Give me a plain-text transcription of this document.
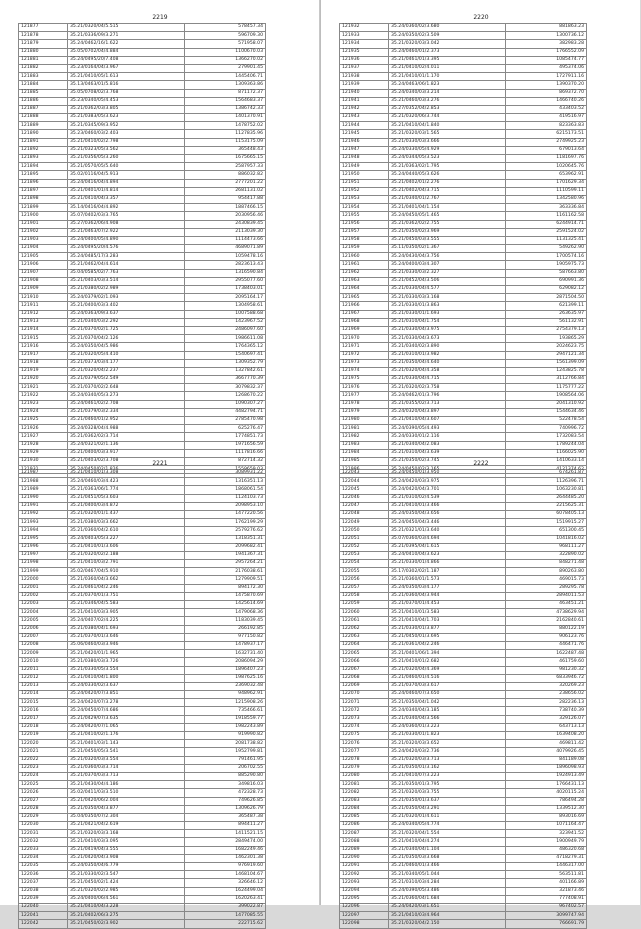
2219
121877	35.21/0320/04/5.515	578457.34
121878	35.21/0336/09/3.271	596709.30
121879	35.24/0462/16/1.622	571958.07
121880	35.05/0702/04/4.884	1100670.03
121881	35.24/0495/20/7.408	1366270.02
121882	35.23/0164/04/3.967	279901.45
121883	35.21/0410/05/1.613	1445406.71
121884	35.13/0463/01/5.816	1309363.86
121885	35.05/0708/02/3.768	871172.37
121886	35.23/0340/05/4.453	1564683.37
121887	35.21/0362/03/3.805	1386742.33
121888	35.21/0383/05/3.623	1401370.91
121889	35.21/0345/09/3.952	1478752.02
121890	35.23/0460/03/2.403	1127835.96
121891	35.21/0410/02/2.798	1153175.09
121892	35.21/0323/05/3.562	365448.43
121893	35.21/0356/05/3.260	1675665.15
121894	35.21/0570/05/5.640	2587957.33
121895	35.02/0116/04/5.913	886032.82
121896	35.24/0416/04/4.894	2777201.22
121897	35.21/0401/01/4.814	2681131.02
121898	35.21/0410/04/3.357	954417.88
121899	35.14/0416/04/4.892	1887466.15
121900	35.07/0402/03/3.765	2030956.46
121901	35.27/0362/06/4.908	2430839.45
121902	35.21/0463/07/2.922	2113039.30
121903	35.24/0400/05/4.890	1114473.66
121904	35.24/0495/20/4.576	4689071.89
121905	35.24/0485/17/3.283	1059478.16
121906	35.21/0462/04/4.614	2823613.43
121907	35.04/0585/02/7.763	1316590.84
121908	35.21/0403/03/3.514	2955077.60
121909	35.21/0380/02/2.989	1738403.01
121910	35.24/0379/02/1.093	2095164.17
121911	35.21/0400/03/3.402	1304958.61
121912	35.24/0363/09/3.637	1007588.68
121913	35.21/0340/03/2.292	1423967.52
121914	35.21/0370/02/1.725	2486097.60
121915	35.21/0370/04/2.126	1986611.08
121916	35.24/0350/04/5.986	1764365.12
121917	35.21/0320/05/4.410	1540697.41
121918	35.21/0373/03/4.177	1309352.79
121919	35.21/0320/04/2.237	1327842.61
121920	35.21/0379/05/2.549	3667770.39
121921	35.21/0370/02/2.648	3079832.37
121922	35.24/0340/05/3.273	1268670.22
121923	35.24/0461/02/2.708	1090307.27
121924	35.21/0379/03/2.334	4482794.71
121925	35.21/0460/01/2.952	2785470.98
121926	35.24/0328/04/4.988	625276.47
121927	35.21/0362/02/3.714	1774851.73
121928	35.24/0321/02/1.136	1971656.59
121929	35.21/0400/03/3.917	1117816.66
121930	35.21/0403/02/3.708	872714.32
121931	35.24/0450/02/1.826	1559659.03
2221
121987	35.21/0410/01/3.308	3089931.22
121988	35.24/0460/03/4.423	1316351.13
121989	35.21/0363/06/1.774	1868061.54
121990	35.21/0451/05/3.603	1124103.73
121991	35.21/0400/03/4.872	2098953.10
121992	35.21/0320/01/1.437	1477220.56
121993	35.21/0380/03/3.662	1762199.29
121994	35.21/0360/04/2.610	2579276.62
121995	35.24/0403/05/3.227	1318351.31
121996	35.21/0410/01/3.606	2099682.41
121997	35.21/0320/02/2.188	1941367.31
121998	35.21/0410/03/2.791	2957264.21
121999	35.02/0467/04/5.910	2176038.61
122000	35.21/0360/04/3.662	1279909.51
122001	35.21/0461/04/2.246	894172.30
122002	35.21/0370/01/3.751	1475870.69
122003	35.21/0346/04/5.583	1425614.69
122004	35.21/0410/03/3.905	1479068.36
122005	35.24/0407/02/4.225	1183039.45
122006	35.21/0380/04/1.693	266192.85
122007	35.21/0370/01/3.646	977150.82
122008	35.06/0460/03/3.946	1478937.17
122009	35.21/0420/01/1.965	1632731.40
122010	35.21/0380/03/3.726	2086094.29
122011	35.21/0330/05/3.554	1896407.23
122012	35.21/0410/04/1.800	1987625.16
122013	35.24/0330/02/3.637	2369032.48
122014	35.24/0420/07/3.851	948962.91
122015	35.24/0420/07/3.278	1215908.26
122016	35.24/0450/07/4.686	735466.61
122017	35.21/0429/07/3.635	1918559.77
122018	35.24/0420/07/1.065	1982243.89
122019	35.21/0410/02/1.176	919990.82
122020	35.21/0401/03/1.143	2081738.82
122021	35.21/0450/05/3.541	1952799.81
122022	35.21/0320/03/3.554	791461.95
122023	35.21/0360/03/3.714	206702.55
122024	35.21/0370/03/3.713	885290.80
122025	35.21/0430/04/4.186	349816.03
122026	35.02/0411/03/3.510	472328.73
122027	35.21/0420/06/2.004	749626.85
122028	35.21/0350/04/3.877	1309626.79
122029	35.04/0350/07/2.304	365487.38
122030	35.21/0421/04/2.619	894411.27
122031	35.21/0320/03/3.168	1411521.15
122032	35.21/0410/03/3.095	2849474.00
122033	35.21/0419/04/3.555	1682249.46
122034	35.21/0420/04/3.908	1462301.38
122035	35.24/0350/04/6.779	976919.60
122036	35.21/0330/02/3.547	1468104.67
122037	35.21/0450/02/1.424	326646.12
122038	35.21/0320/02/2.985	1624499.04
122039	35.24/0400/06/4.561	1620263.41
122040	35.21/0410/04/3.228	399022.87
122041	35.21/0402/06/3.275	1477085.55
122042	35.21/0450/02/3.902	222715.62
2220
121932	35.24/0360/02/3.680	881863.23
121933	35.24/0350/02/3.509	1300736.12
121934	35.21/0320/03/3.042	382983.28
121935	35.24/0460/01/2.373	1766552.09
121936	35.21/0461/01/3.395	1085474.77
121937	35.21/0410/02/4.011	495374.06
121938	35.21/0410/01/1.170	1727911.16
121939	35.24/0463/06/1.823	1390370.20
121940	35.24/0340/03/3.214	869372.70
121941	35.21/0460/03/3.276	1466740.26
121942	35.27/0352/04/2.853	433403.52
121943	35.21/0320/06/3.744	419516.97
121944	35.21/0410/04/1.840	823363.83
121945	35.21/0320/03/1.565	6215173.51
121946	35.21/0330/03/3.666	2749925.23
121947	35.24/0330/05/4.929	679013.64
121948	35.24/0344/05/3.523	1181697.76
121949	35.21/0363/02/1.795	1020645.76
121950	35.24/0440/05/3.626	653962.91
121951	35.21/0402/01/2.276	1701629.34
121952	35.21/0402/04/3.715	1110599.11
121953	35.21/0340/01/2.767	1342580.96
121954	35.21/0401/04/1.154	363336.84
121955	35.24/0450/05/1.465	1161162.58
121956	35.21/0362/02/2.755	6244914.71
121957	35.21/0350/02/3.969	2591524.02
121958	35.21/0450/03/3.555	1131325.41
121959	35.11/0350/02/1.367	549262.90
121960	35.24/0430/04/3.756	1700574.16
121961	35.24/0400/03/4.307	1905975.73
121962	35.21/0330/03/2.327	587663.80
121963	35.21/0452/04/3.506	690991.36
121964	35.21/0330/04/4.577	629082.12
121965	35.21/0330/03/3.168	2871504.50
121966	35.21/0330/01/3.863	621399.11
121967	35.21/0330/01/1.693	263635.97
121968	35.21/0310/04/1.754	561132.91
121969	35.21/0330/04/3.975	2754379.13
121970	35.21/0330/04/3.673	193865.29
121971	35.21/0340/02/3.890	2024623.75
121972	35.21/0310/01/3.982	2947121.34
121973	35.21/0350/04/4.640	1561399.09
121974	35.21/0320/04/4.358	1243825.78
121975	35.21/0330/04/4.715	3112766.84
121976	35.21/0320/02/3.758	1175777.22
121977	35.24/0462/01/3.796	1908564.06
121978	35.21/0355/02/3.713	2041310.92
121979	35.24/0320/04/3.897	1544634.46
121980	35.21/0410/04/3.607	522478.54
121981	35.24/0390/05/4.493	740996.72
121982	35.24/0330/01/2.116	1732083.54
121983	35.21/0340/04/2.083	1789244.04
121984	35.21/0310/04/3.639	1166025.90
121985	35.21/0350/02/3.745	1410633.14
121986	35.24/0450/02/3.165	4121374.62
2222
122043	35.24/0450/01/3.950	674261.87
122044	35.24/0420/03/3.975	1126396.71
122045	35.24/0420/04/3.701	1063230.81
122046	35.21/0310/02/4.539	2644485.20
122047	35.21/0410/01/3.466	2215625.31
122048	35.24/0350/04/3.656	6078405.13
122049	35.24/0450/04/3.446	1519915.27
122050	35.21/0321/01/3.640	651300.45
122051	35.07/0360/03/4.694	1041816.02
122052	35.21/0395/04/1.615	968111.27
122053	35.24/0410/04/3.623	322890.02
122054	35.21/0330/01/4.866	848271.48
122055	35.17/0302/02/1.187	890263.80
122056	35.21/0360/01/1.573	469015.73
122057	35.24/0350/03/4.177	289295.78
122058	35.21/0360/04/3.944	2894011.53
122059	35.21/0370/01/4.453	463451.21
122060	35.21/0410/01/3.583	4738629.94
122061	35.21/0410/04/1.703	2162840.61
122062	35.21/0330/01/3.877	880122.19
122063	35.21/0450/01/3.695	906123.76
122064	35.21/0361/04/2.246	446471.76
122065	35.21/0401/06/1.394	1622487.48
122066	35.21/0410/01/2.682	461759.60
122067	35.21/0320/04/4.369	981230.32
122068	35.21/0460/01/4.516	6833946.72
122069	35.21/0370/03/3.617	320269.23
122070	35.24/0460/07/3.650	238656.02
122071	35.21/0350/04/1.042	282236.13
122072	35.24/0340/04/3.185	738740.39
122073	35.21/0340/04/3.566	329126.07
122074	35.24/0360/01/3.223	643713.13
122075	35.21/0330/01/1.823	1639408.20
122076	35.21/0320/03/3.652	469811.42
122077	35.24/0420/03/2.736	4079926.45
122078	35.21/0320/03/3.713	841189.08
122079	35.21/0350/01/3.162	1896098.93
122080	35.21/0410/07/3.223	1924913.49
122081	35.21/0350/01/3.795	1766431.13
122082	35.21/0320/03/3.755	4020115.24
122083	35.21/0350/01/3.637	786494.28
122084	35.21/0350/04/3.291	1339512.30
122085	35.21/0320/01/4.611	893016.69
122086	35.24/0340/05/4.774	1071164.47
122087	35.21/0320/04/1.554	323941.52
122088	35.21/0410/04/4.274	1900949.79
122089	35.21/0340/04/1.104	486320.68
122090	35.21/0350/03/3.668	4718279.31
122091	35.21/0460/01/3.466	1446317.00
122092	35.21/0340/05/1.044	563511.81
122093	35.21/0310/03/4.284	401166.89
122094	35.24/0390/05/3.486	321873.46
122095	35.21/0360/04/1.684	777408.91
122096	35.24/0420/03/1.651	967402.57
122097	35.21/0410/03/4.964	3099747.94
122098	35.21/0320/04/2.150	766691.79
